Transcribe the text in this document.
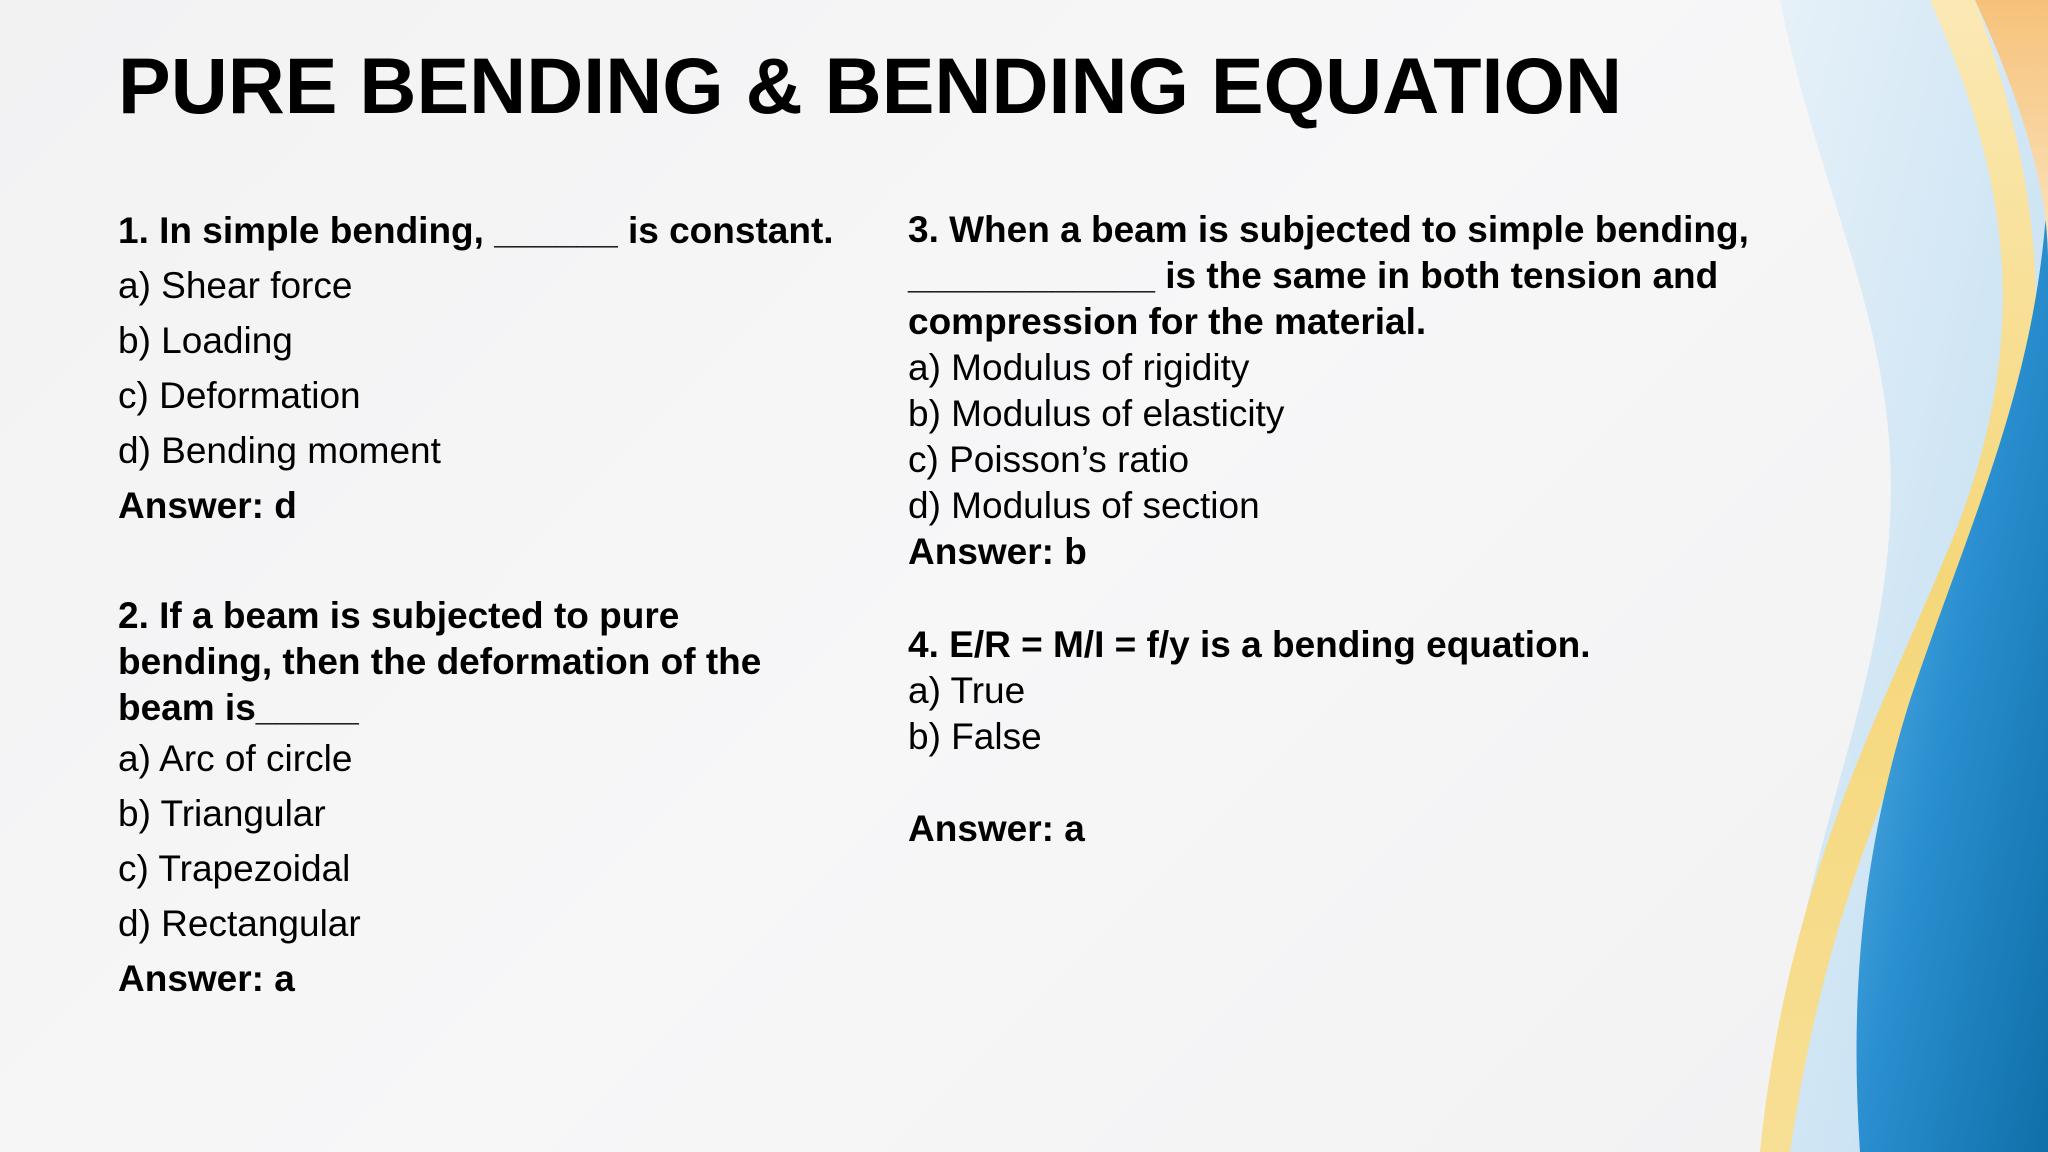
PURE BENDING & BENDING EQUATION

1. In simple bending, ______ is constant.

a) Shear force

b) Loading

c) Deformation

d) Bending moment

Answer: d

2. If a beam is subjected to pure

bending, then the deformation of the

beam is_____

a) Arc of circle

b) Triangular

c) Trapezoidal

d) Rectangular

Answer: a

3. When a beam is subjected to simple bending,

____________ is the same in both tension and

compression for the material.

a) Modulus of rigidity

b) Modulus of elasticity

c) Poisson’s ratio

d) Modulus of section

Answer: b

4. E/R = M/I = f/y is a bending equation.

a) True

b) False

Answer: a
